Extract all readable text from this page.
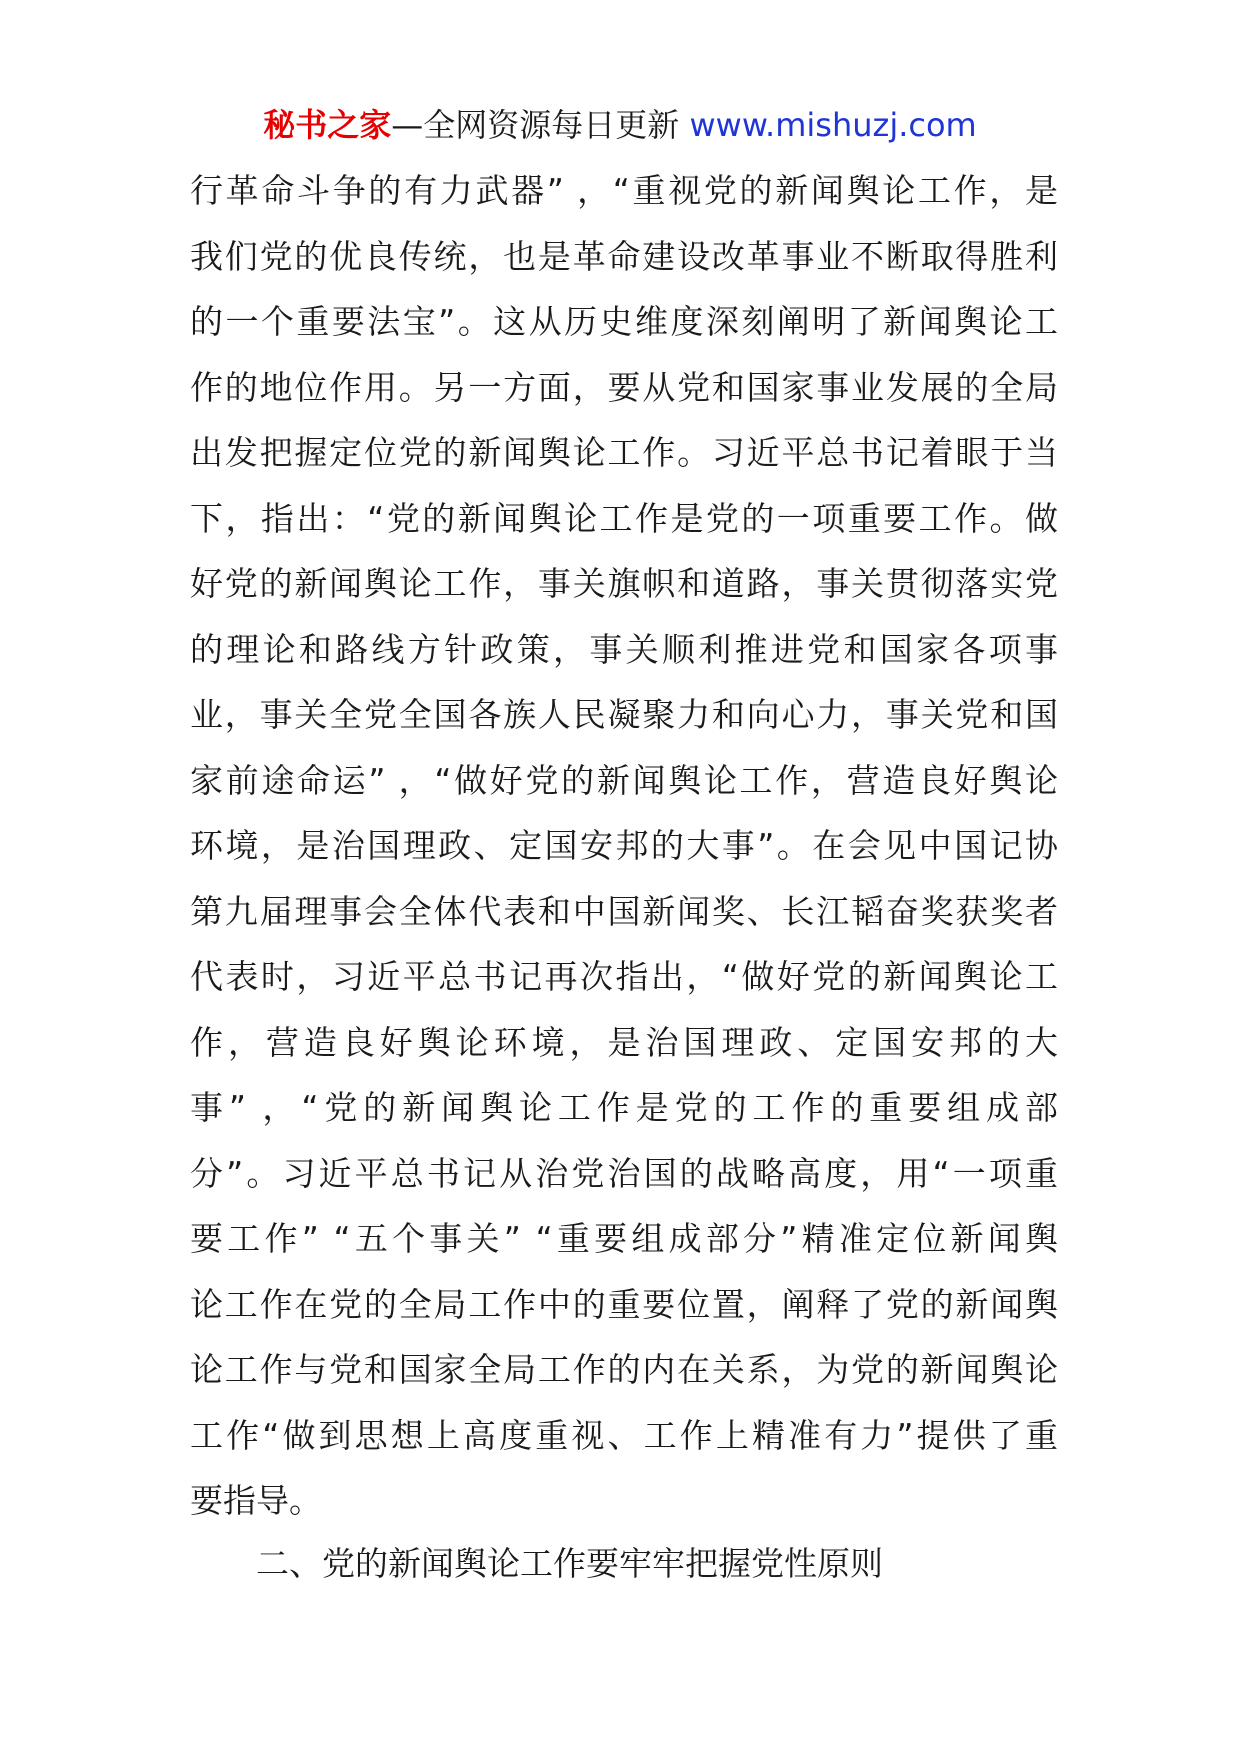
秘书之家—全网资源每日更新 www.mishuzj.com
行革命斗争的有力武器” ，“重视党的新闻舆论工作，是
我们党的优良传统，也是革命建设改革事业不断取得胜利
的一个重要法宝”。这从历史维度深刻阐明了新闻舆论工
作的地位作用。另一方面，要从党和国家事业发展的全局
出发把握定位党的新闻舆论工作。习近平总书记着眼于当
下，指出：“党的新闻舆论工作是党的一项重要工作。做
好党的新闻舆论工作，事关旗帜和道路，事关贯彻落实党
的理论和路线方针政策，事关顺利推进党和国家各项事
业，事关全党全国各族人民凝聚力和向心力，事关党和国
家前途命运” ，“做好党的新闻舆论工作，营造良好舆论
环境，是治国理政、定国安邦的大事”。在会见中国记协
第九届理事会全体代表和中国新闻奖、长江韬奋奖获奖者
代表时，习近平总书记再次指出，“做好党的新闻舆论工
作，营造良好舆论环境，是治国理政、定国安邦的大
事” ，“党的新闻舆论工作是党的工作的重要组成部
分”。习近平总书记从治党治国的战略高度，用“一项重
要工作” “五个事关” “重要组成部分”精准定位新闻舆
论工作在党的全局工作中的重要位置，阐释了党的新闻舆
论工作与党和国家全局工作的内在关系，为党的新闻舆论
工作“做到思想上高度重视、工作上精准有力”提供了重
要指导。
二、党的新闻舆论工作要牢牢把握党性原则
